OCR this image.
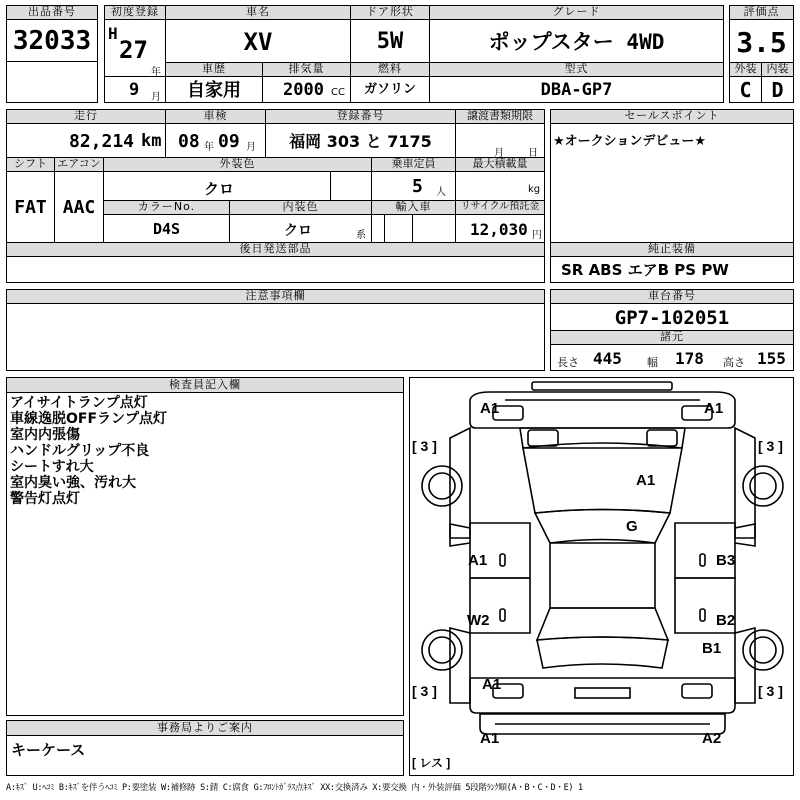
出品番号
32033
初度登録
H
27
年
9 月
車名
XV
ドア形状
5W
グレード
ポップスター 4WD
評価点
3.5
車歴
自家用
排気量
2000 CC
燃料
ガソリン
型式
DBA-GP7
外装 内装
C D
走行
82,214 km
車検
08 年 09 月
登録番号
福岡 303 と 7175
譲渡書類期限
月 日
セールスポイント
★オークションデビュー★
シフト
FAT
エアコン
AAC
外装色
クロ
乗車定員
5 人
最大積載量
kg
カラーNo.
D4S
内装色
クロ	系
輸入車	リサイクル預託金
12,030 円
後日発送部品	純正装備
SR ABS エアB PS PW
注意事項欄	車台番号
GP7-102051
諸元
長さ 445 幅 178 高さ 155
検査員記入欄
アイサイトランプ点灯
車線逸脱OFFランプ点灯
室内内張傷
ハンドルグリップ不良
シートすれ大
室内臭い強、汚れ大
警告灯点灯
事務局よりご案内
キーケース
[ 3 ]	[ 3 ]
[ 3 ]	[ 3 ]
[ レス ]
A1	A1
A1
G
A1
W2
A1
B3
B2
B1
A1	A2
A:ｷｽﾞ U:ﾍｺﾐ B:ｷｽﾞを伴うﾍｺﾐ P:要塗装 W:補修跡 S:錆 C:腐食 G:ﾌﾛﾝﾄｶﾞﾗｽ点ｷｽﾞ XX:交換済み X:要交換 内・外装評価 5段階ﾗﾝｸ順(A・B・C・D・E) 1
